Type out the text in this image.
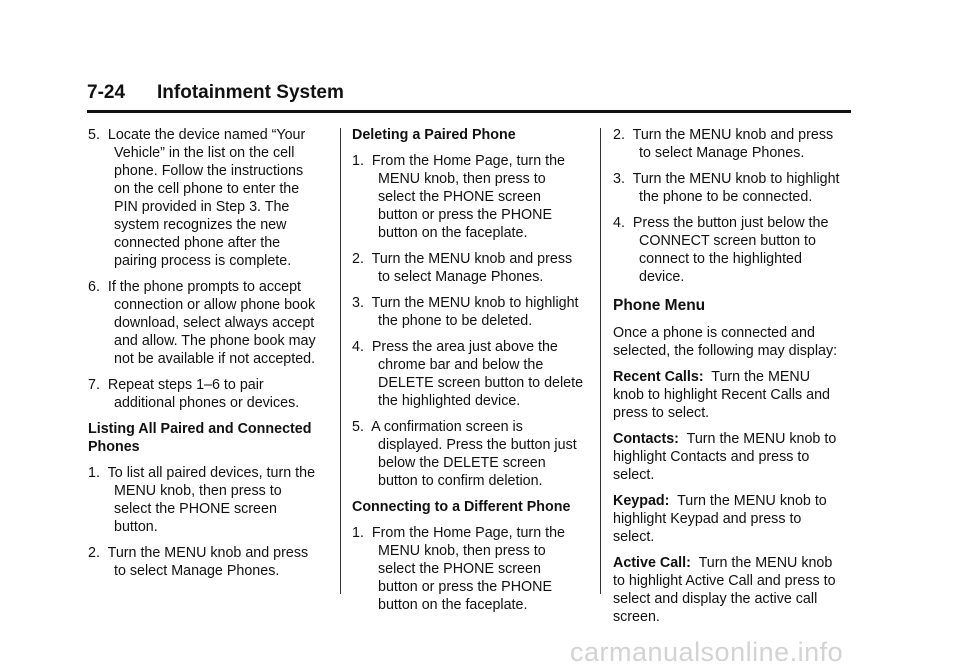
7-24 Infotainment System

5. Locate the device named “Your Vehicle” in the list on the cell phone. Follow the instructions on the cell phone to enter the PIN provided in Step 3. The system recognizes the new connected phone after the pairing process is complete.

6. If the phone prompts to accept connection or allow phone book download, select always accept and allow. The phone book may not be available if not accepted.

7. Repeat steps 1–6 to pair additional phones or devices.

Listing All Paired and Connected Phones

1. To list all paired devices, turn the MENU knob, then press to select the PHONE screen button.

2. Turn the MENU knob and press to select Manage Phones.

Deleting a Paired Phone

1. From the Home Page, turn the MENU knob, then press to select the PHONE screen button or press the PHONE button on the faceplate.

2. Turn the MENU knob and press to select Manage Phones.

3. Turn the MENU knob to highlight the phone to be deleted.

4. Press the area just above the chrome bar and below the DELETE screen button to delete the highlighted device.

5. A confirmation screen is displayed. Press the button just below the DELETE screen button to confirm deletion.

Connecting to a Different Phone

1. From the Home Page, turn the MENU knob, then press to select the PHONE screen button or press the PHONE button on the faceplate.

2. Turn the MENU knob and press to select Manage Phones.

3. Turn the MENU knob to highlight the phone to be connected.

4. Press the button just below the CONNECT screen button to connect to the highlighted device.

Phone Menu

Once a phone is connected and selected, the following may display:

Recent Calls: Turn the MENU knob to highlight Recent Calls and press to select.

Contacts: Turn the MENU knob to highlight Contacts and press to select.

Keypad: Turn the MENU knob to highlight Keypad and press to select.

Active Call: Turn the MENU knob to highlight Active Call and press to select and display the active call screen.

carmanualsonline.info
